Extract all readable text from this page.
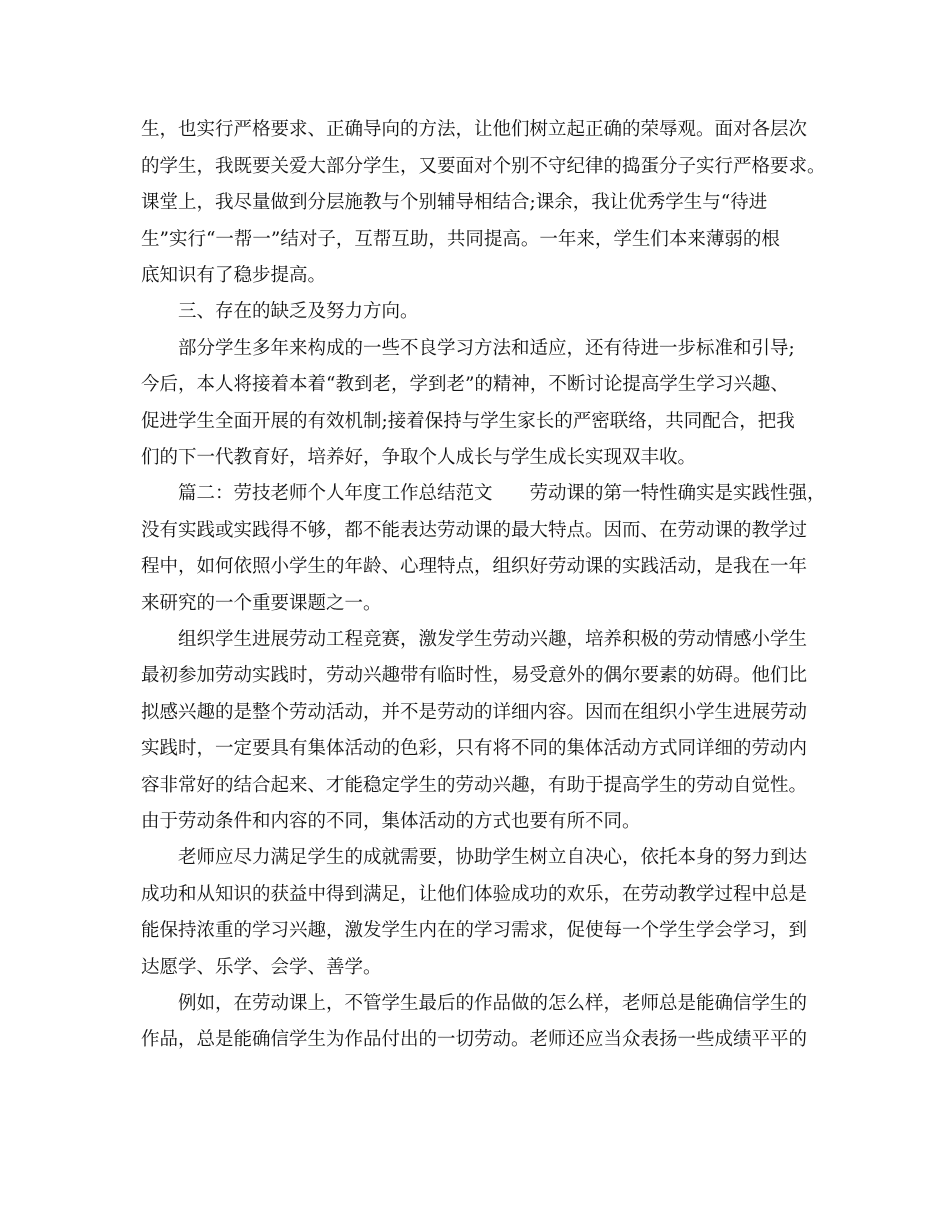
生，也实行严格要求、正确导向的方法，让他们树立起正确的荣辱观。面对各层次
的学生，我既要关爱大部分学生，又要面对个别不守纪律的捣蛋分子实行严格要求。
课堂上，我尽量做到分层施教与个别辅导相结合;课余，我让优秀学生与“待进
生”实行“一帮一”结对子，互帮互助，共同提高。一年来，学生们本来薄弱的根
底知识有了稳步提高。
　　三、存在的缺乏及努力方向。
　　部分学生多年来构成的一些不良学习方法和适应，还有待进一步标准和引导;
今后，本人将接着本着“教到老，学到老”的精神，不断讨论提高学生学习兴趣、
促进学生全面开展的有效机制;接着保持与学生家长的严密联络，共同配合，把我
们的下一代教育好，培养好，争取个人成长与学生成长实现双丰收。
　　篇二：劳技老师个人年度工作总结范文　　劳动课的第一特性确实是实践性强，
没有实践或实践得不够，都不能表达劳动课的最大特点。因而、在劳动课的教学过
程中，如何依照小学生的年龄、心理特点，组织好劳动课的实践活动，是我在一年
来研究的一个重要课题之一。
　　组织学生进展劳动工程竞赛，激发学生劳动兴趣，培养积极的劳动情感小学生
最初参加劳动实践时，劳动兴趣带有临时性，易受意外的偶尔要素的妨碍。他们比
拟感兴趣的是整个劳动活动，并不是劳动的详细内容。因而在组织小学生进展劳动
实践时，一定要具有集体活动的色彩，只有将不同的集体活动方式同详细的劳动内
容非常好的结合起来、才能稳定学生的劳动兴趣，有助于提高学生的劳动自觉性。
由于劳动条件和内容的不同，集体活动的方式也要有所不同。
　　老师应尽力满足学生的成就需要，协助学生树立自决心，依托本身的努力到达
成功和从知识的获益中得到满足，让他们体验成功的欢乐，在劳动教学过程中总是
能保持浓重的学习兴趣，激发学生内在的学习需求，促使每一个学生学会学习，到
达愿学、乐学、会学、善学。
　　例如，在劳动课上，不管学生最后的作品做的怎么样，老师总是能确信学生的
作品，总是能确信学生为作品付出的一切劳动。老师还应当众表扬一些成绩平平的
